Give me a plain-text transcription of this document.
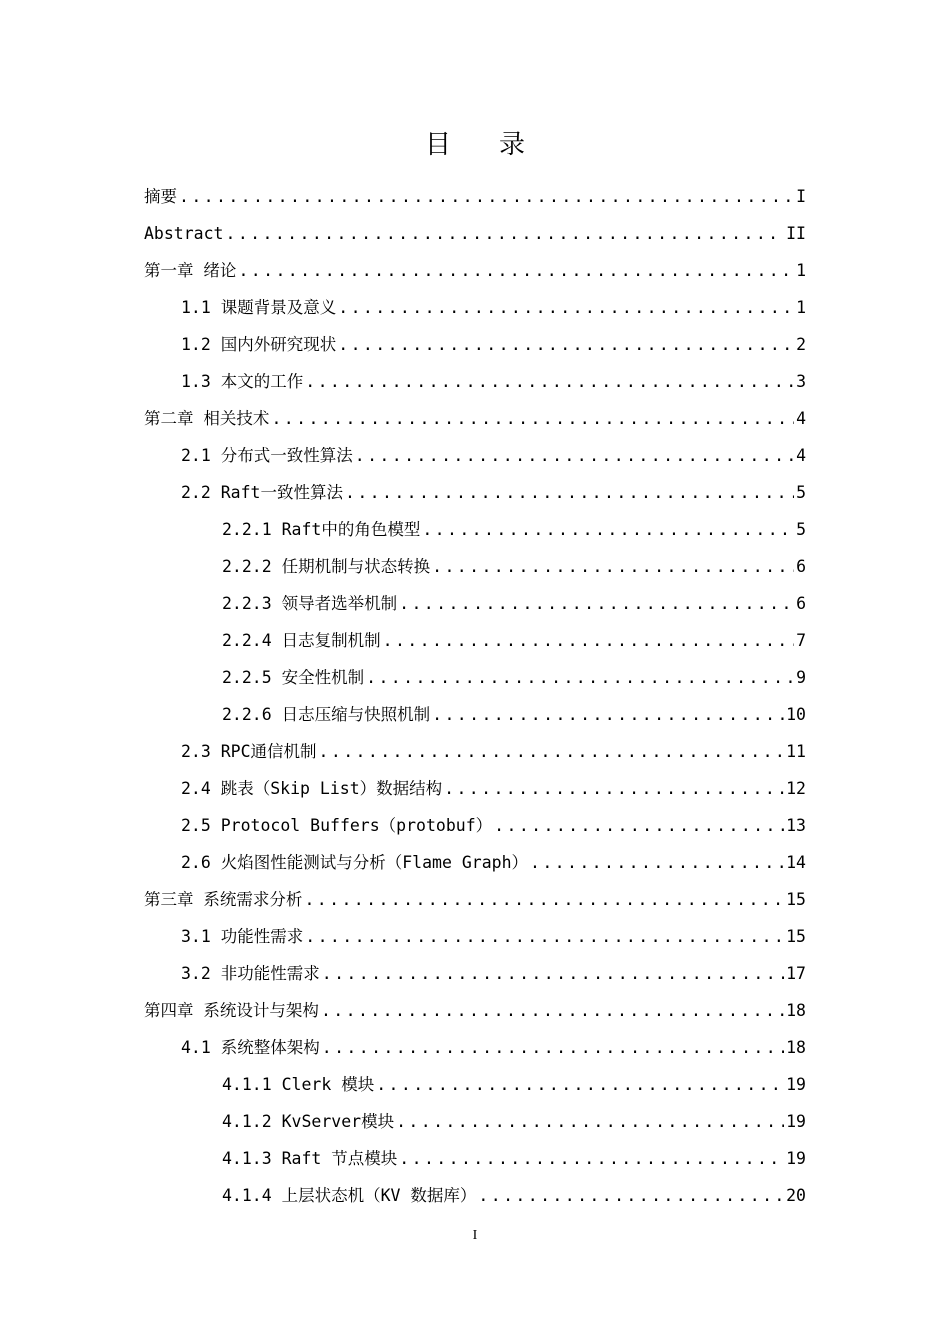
目录
摘要 .....	I
Abstract .....	II
第一章 绪论 .....	1
1.1 课题背景及意义 .....	1
1.2 国内外研究现状 .....	2
1.3 本文的工作 .....	3
第二章 相关技术 .....	4
2.1 分布式一致性算法 .....	4
2.2 Raft一致性算法 .....	5
2.2.1 Raft中的角色模型 .....	5
2.2.2 任期机制与状态转换 .....	6
2.2.3 领导者选举机制 .....	6
2.2.4 日志复制机制 .....	7
2.2.5 安全性机制 .....	9
2.2.6 日志压缩与快照机制 .....	10
2.3 RPC通信机制 .....	11
2.4 跳表（Skip List）数据结构 .....	12
2.5 Protocol Buffers（protobuf） .....	13
2.6 火焰图性能测试与分析（Flame Graph） .....	14
第三章 系统需求分析 .....	15
3.1 功能性需求 .....	15
3.2 非功能性需求 .....	17
第四章 系统设计与架构 .....	18
4.1 系统整体架构 .....	18
4.1.1 Clerk 模块 .....	19
4.1.2 KvServer模块 .....	19
4.1.3 Raft 节点模块 .....	19
4.1.4 上层状态机（KV 数据库） .....	20
I
